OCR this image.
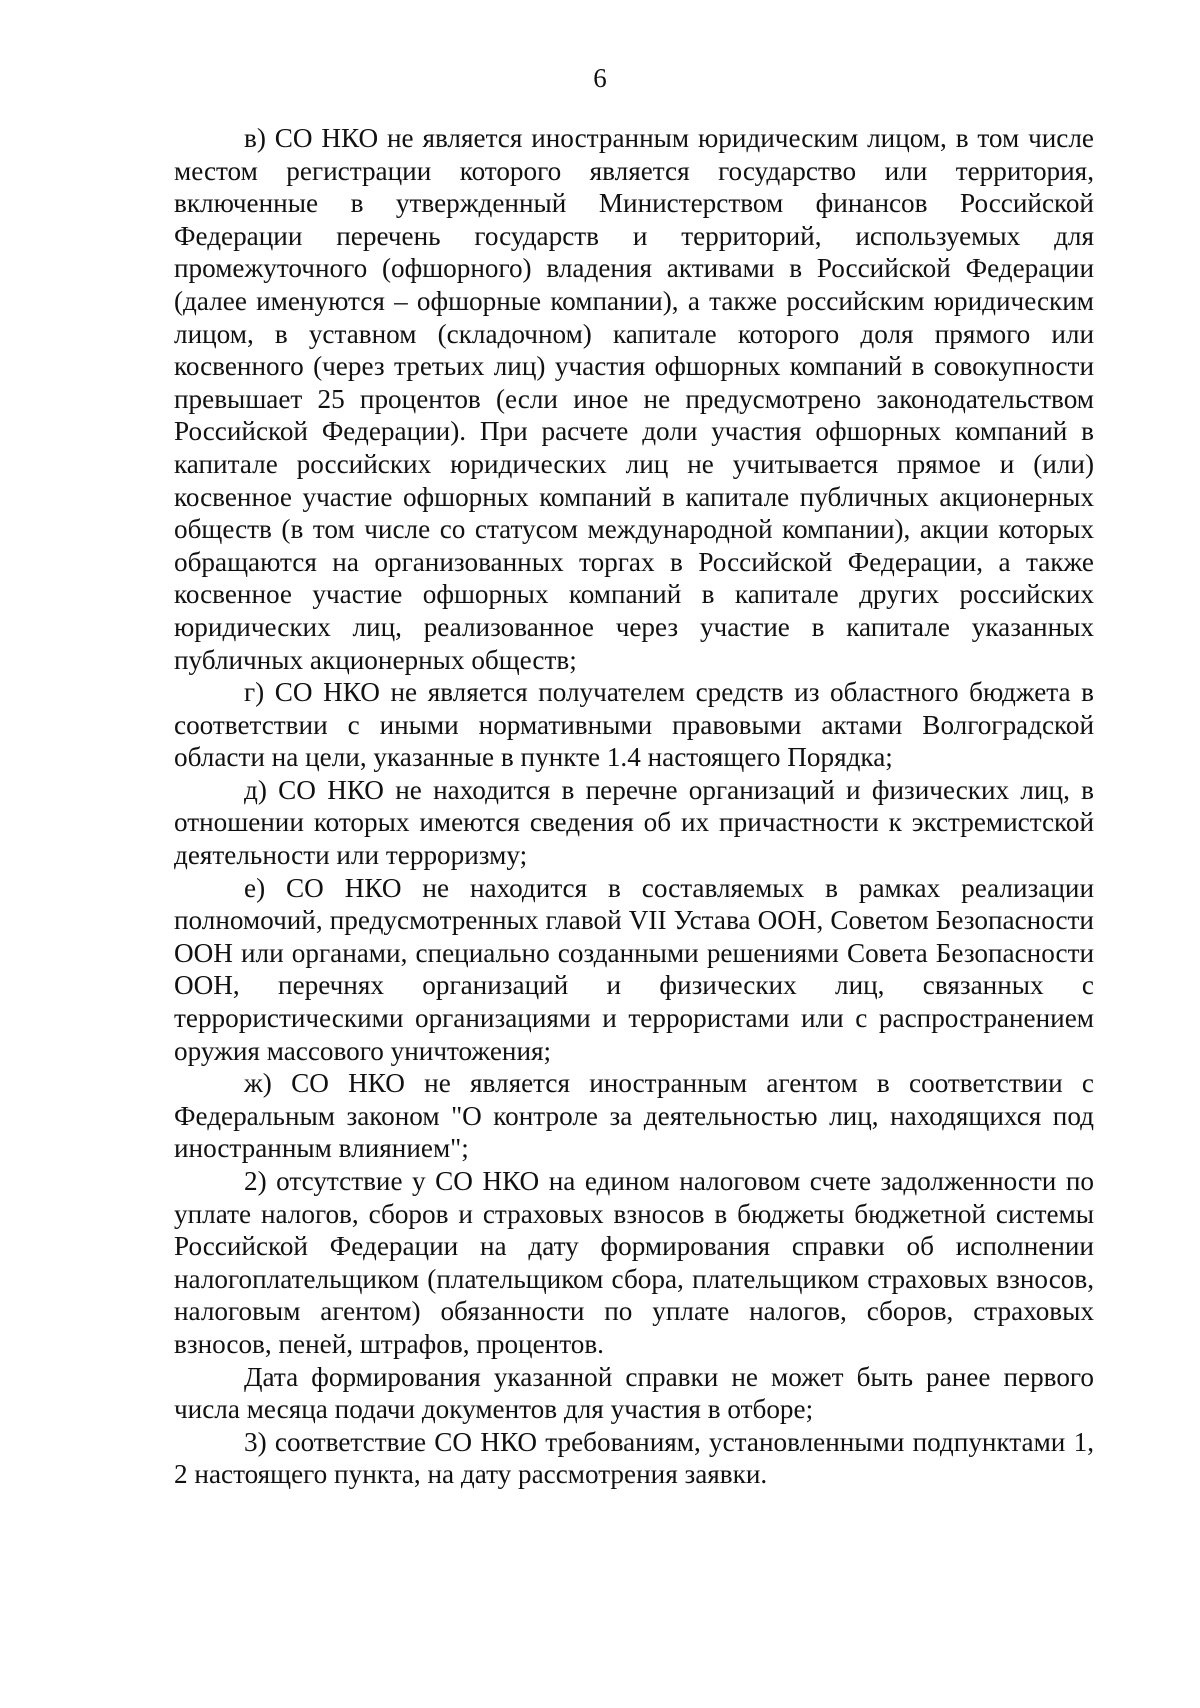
6

в) СО НКО не является иностранным юридическим лицом, в том числе местом регистрации которого является государство или территория, включенные в утвержденный Министерством финансов Российской Федерации перечень государств и территорий, используемых для промежуточного (офшорного) владения активами в Российской Федерации (далее именуются – офшорные компании), а также российским юридическим лицом, в уставном (складочном) капитале которого доля прямого или косвенного (через третьих лиц) участия офшорных компаний в совокупности превышает 25 процентов (если иное не предусмотрено законодательством Российской Федерации). При расчете доли участия офшорных компаний в капитале российских юридических лиц не учитывается прямое и (или) косвенное участие офшорных компаний в капитале публичных акционерных обществ (в том числе со статусом международной компании), акции которых обращаются на организованных торгах в Российской Федерации, а также косвенное участие офшорных компаний в капитале других российских юридических лиц, реализованное через участие в капитале указанных публичных акционерных обществ;

г) СО НКО не является получателем средств из областного бюджета в соответствии с иными нормативными правовыми актами Волгоградской области на цели, указанные в пункте 1.4 настоящего Порядка;

д) СО НКО не находится в перечне организаций и физических лиц, в отношении которых имеются сведения об их причастности к экстремистской деятельности или терроризму;

е) СО НКО не находится в составляемых в рамках реализации полномочий, предусмотренных главой VII Устава ООН, Советом Безопасности ООН или органами, специально созданными решениями Совета Безопасности ООН, перечнях организаций и физических лиц, связанных с террористическими организациями и террористами или с распространением оружия массового уничтожения;

ж) СО НКО не является иностранным агентом в соответствии с Федеральным законом "О контроле за деятельностью лиц, находящихся под иностранным влиянием";

2) отсутствие у СО НКО на едином налоговом счете задолженности по уплате налогов, сборов и страховых взносов в бюджеты бюджетной системы Российской Федерации на дату формирования справки об исполнении налогоплательщиком (плательщиком сбора, плательщиком страховых взносов, налоговым агентом) обязанности по уплате налогов, сборов, страховых взносов, пеней, штрафов, процентов.

Дата формирования указанной справки не может быть ранее первого числа месяца подачи документов для участия в отборе;

3) соответствие СО НКО требованиям, установленными подпунктами 1, 2 настоящего пункта, на дату рассмотрения заявки.
